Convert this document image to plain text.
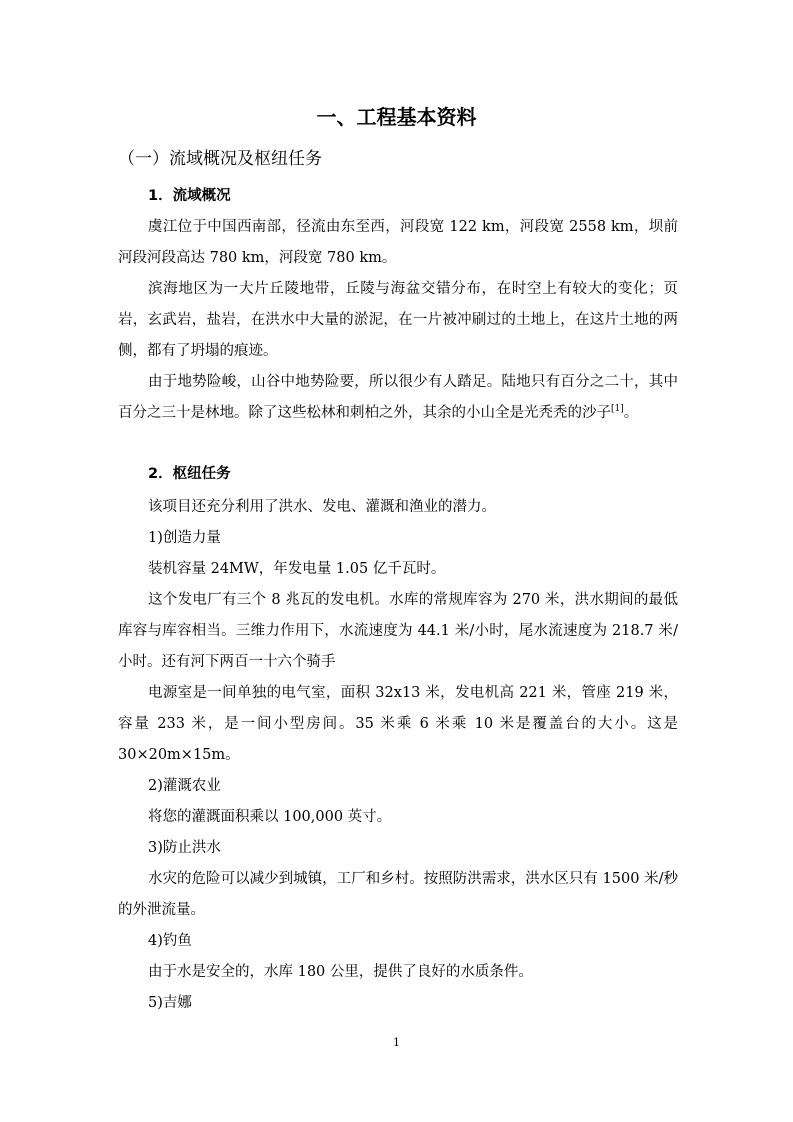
一、工程基本资料
（一）流域概况及枢纽任务
1．流域概况

虞江位于中国西南部，径流由东至西，河段宽 122 km，河段宽 2558 km，坝前河段河段高达 780 km，河段宽 780 km。

滨海地区为一大片丘陵地带，丘陵与海盆交错分布，在时空上有较大的变化；页岩，玄武岩，盐岩，在洪水中大量的淤泥，在一片被冲刷过的土地上，在这片土地的两侧，都有了坍塌的痕迹。

由于地势险峻，山谷中地势险要，所以很少有人踏足。陆地只有百分之二十，其中百分之三十是林地。除了这些松林和刺柏之外，其余的小山全是光秃秃的沙子[1]。

2．枢纽任务
该项目还充分利用了洪水、发电、灌溉和渔业的潜力。
1)创造力量
装机容量 24MW，年发电量 1.05 亿千瓦时。

这个发电厂有三个 8 兆瓦的发电机。水库的常规库容为 270 米，洪水期间的最低库容与库容相当。三维力作用下，水流速度为 44.1 米/小时，尾水流速度为 218.7 米/小时。还有河下两百一十六个骑手

电源室是一间单独的电气室，面积 32x13 米，发电机高 221 米，管座 219 米，容量 233 米，是一间小型房间。35 米乘 6 米乘 10 米是覆盖台的大小。这是 30×20m×15m。

2)灌溉农业
将您的灌溉面积乘以 100,000 英寸。
3)防止洪水

水灾的危险可以减少到城镇，工厂和乡村。按照防洪需求，洪水区只有 1500 米/秒的外泄流量。

4)钓鱼
由于水是安全的，水库 180 公里，提供了良好的水质条件。
5)吉娜
1
